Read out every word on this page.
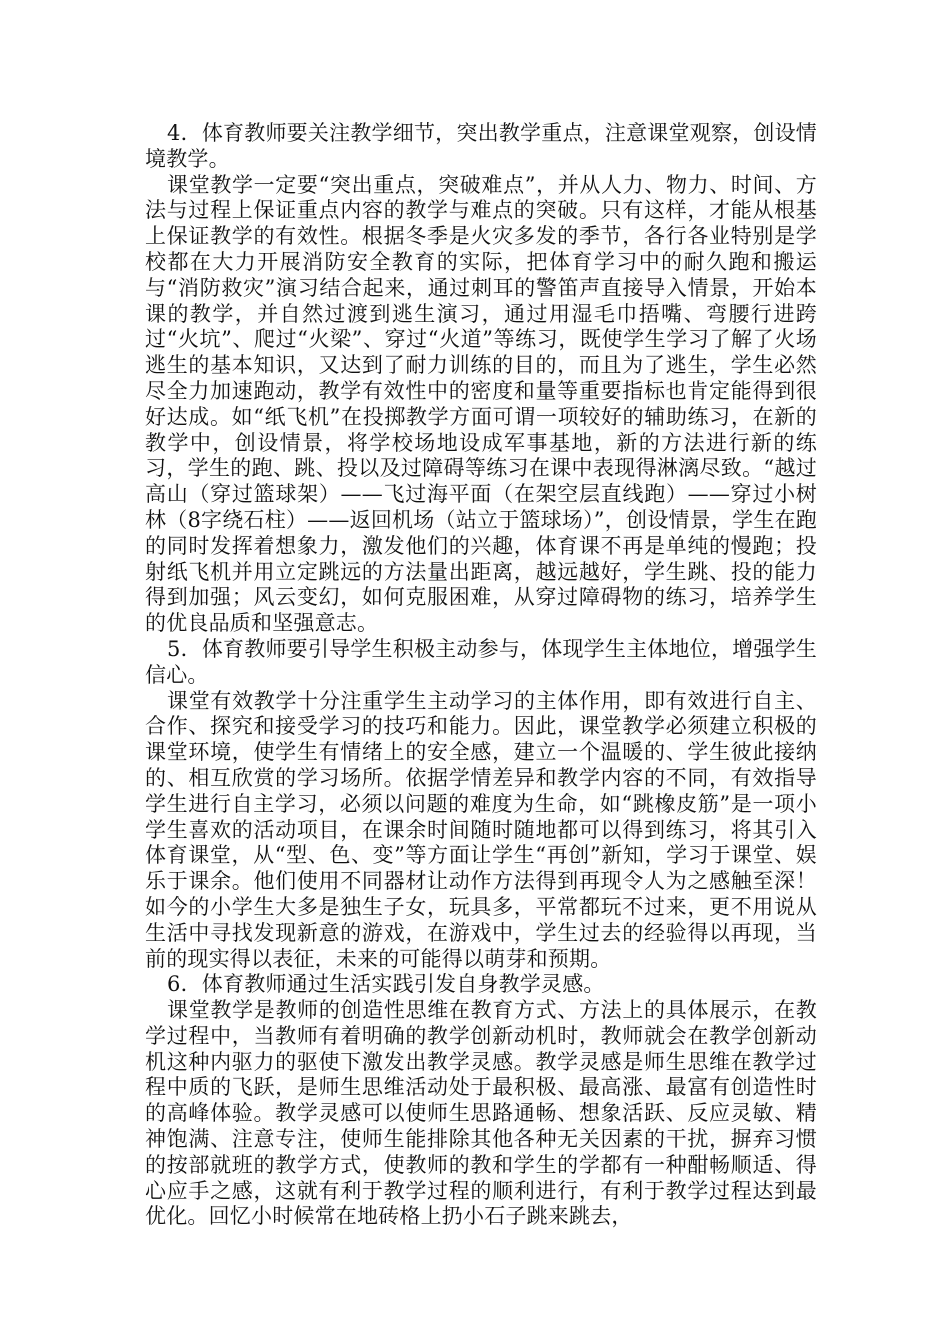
4．体育教师要关注教学细节，突出教学重点，注意课堂观察，创设情境教学。

课堂教学一定要“突出重点，突破难点”，并从人力、物力、时间、方法与过程上保证重点内容的教学与难点的突破。只有这样，才能从根基上保证教学的有效性。根据冬季是火灾多发的季节，各行各业特别是学校都在大力开展消防安全教育的实际，把体育学习中的耐久跑和搬运与“消防救灾”演习结合起来，通过刺耳的警笛声直接导入情景，开始本课的教学，并自然过渡到逃生演习，通过用湿毛巾捂嘴、弯腰行进跨过“火坑”、爬过“火梁”、穿过“火道”等练习，既使学生学习了解了火场逃生的基本知识，又达到了耐力训练的目的，而且为了逃生，学生必然尽全力加速跑动，教学有效性中的密度和量等重要指标也肯定能得到很好达成。如“纸飞机”在投掷教学方面可谓一项较好的辅助练习，在新的教学中，创设情景，将学校场地设成军事基地，新的方法进行新的练习，学生的跑、跳、投以及过障碍等练习在课中表现得淋漓尽致。“越过高山（穿过篮球架）——飞过海平面（在架空层直线跑）——穿过小树林（8字绕石柱）——返回机场（站立于篮球场）”，创设情景，学生在跑的同时发挥着想象力，激发他们的兴趣，体育课不再是单纯的慢跑；投射纸飞机并用立定跳远的方法量出距离，越远越好，学生跳、投的能力得到加强；风云变幻，如何克服困难，从穿过障碍物的练习，培养学生的优良品质和坚强意志。

5．体育教师要引导学生积极主动参与，体现学生主体地位，增强学生信心。

课堂有效教学十分注重学生主动学习的主体作用，即有效进行自主、合作、探究和接受学习的技巧和能力。因此，课堂教学必须建立积极的课堂环境，使学生有情绪上的安全感，建立一个温暖的、学生彼此接纳的、相互欣赏的学习场所。依据学情差异和教学内容的不同，有效指导学生进行自主学习，必须以问题的难度为生命，如“跳橡皮筋”是一项小学生喜欢的活动项目，在课余时间随时随地都可以得到练习，将其引入体育课堂，从“型、色、变”等方面让学生“再创”新知，学习于课堂、娱乐于课余。他们使用不同器材让动作方法得到再现令人为之感触至深！如今的小学生大多是独生子女，玩具多，平常都玩不过来，更不用说从生活中寻找发现新意的游戏，在游戏中，学生过去的经验得以再现，当前的现实得以表征，未来的可能得以萌芽和预期。

6．体育教师通过生活实践引发自身教学灵感。

课堂教学是教师的创造性思维在教育方式、方法上的具体展示，在教学过程中，当教师有着明确的教学创新动机时，教师就会在教学创新动机这种内驱力的驱使下激发出教学灵感。教学灵感是师生思维在教学过程中质的飞跃，是师生思维活动处于最积极、最高涨、最富有创造性时的高峰体验。教学灵感可以使师生思路通畅、想象活跃、反应灵敏、精神饱满、注意专注，使师生能排除其他各种无关因素的干扰，摒弃习惯的按部就班的教学方式，使教师的教和学生的学都有一种酣畅顺适、得心应手之感，这就有利于教学过程的顺利进行，有利于教学过程达到最优化。回忆小时候常在地砖格上扔小石子跳来跳去，
